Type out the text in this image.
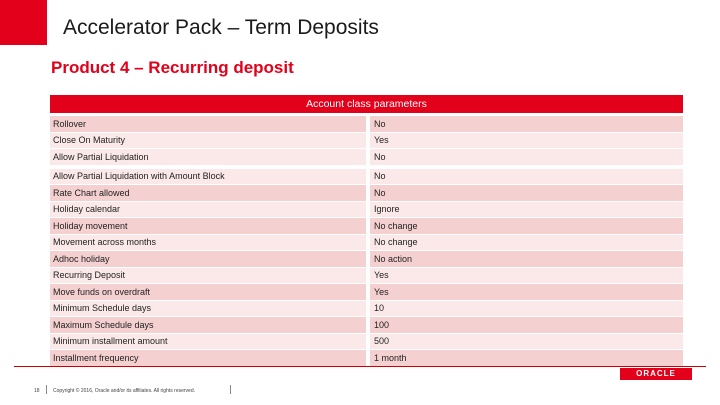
Accelerator Pack – Term Deposits
Product 4 – Recurring deposit
Account class parameters
Rollover	No
Close On Maturity	Yes
Allow Partial Liquidation	No
Allow Partial Liquidation with Amount Block	No
Rate Chart allowed	No
Holiday calendar	Ignore
Holiday movement	No change
Movement across months	No change
Adhoc holiday	No action
Recurring Deposit	Yes
Move funds on overdraft	Yes
Minimum Schedule days	10
Maximum Schedule days	100
Minimum installment amount	500
Installment frequency	1 month
ORACLE
18	Copyright © 2016, Oracle and/or its affiliates. All rights reserved.
